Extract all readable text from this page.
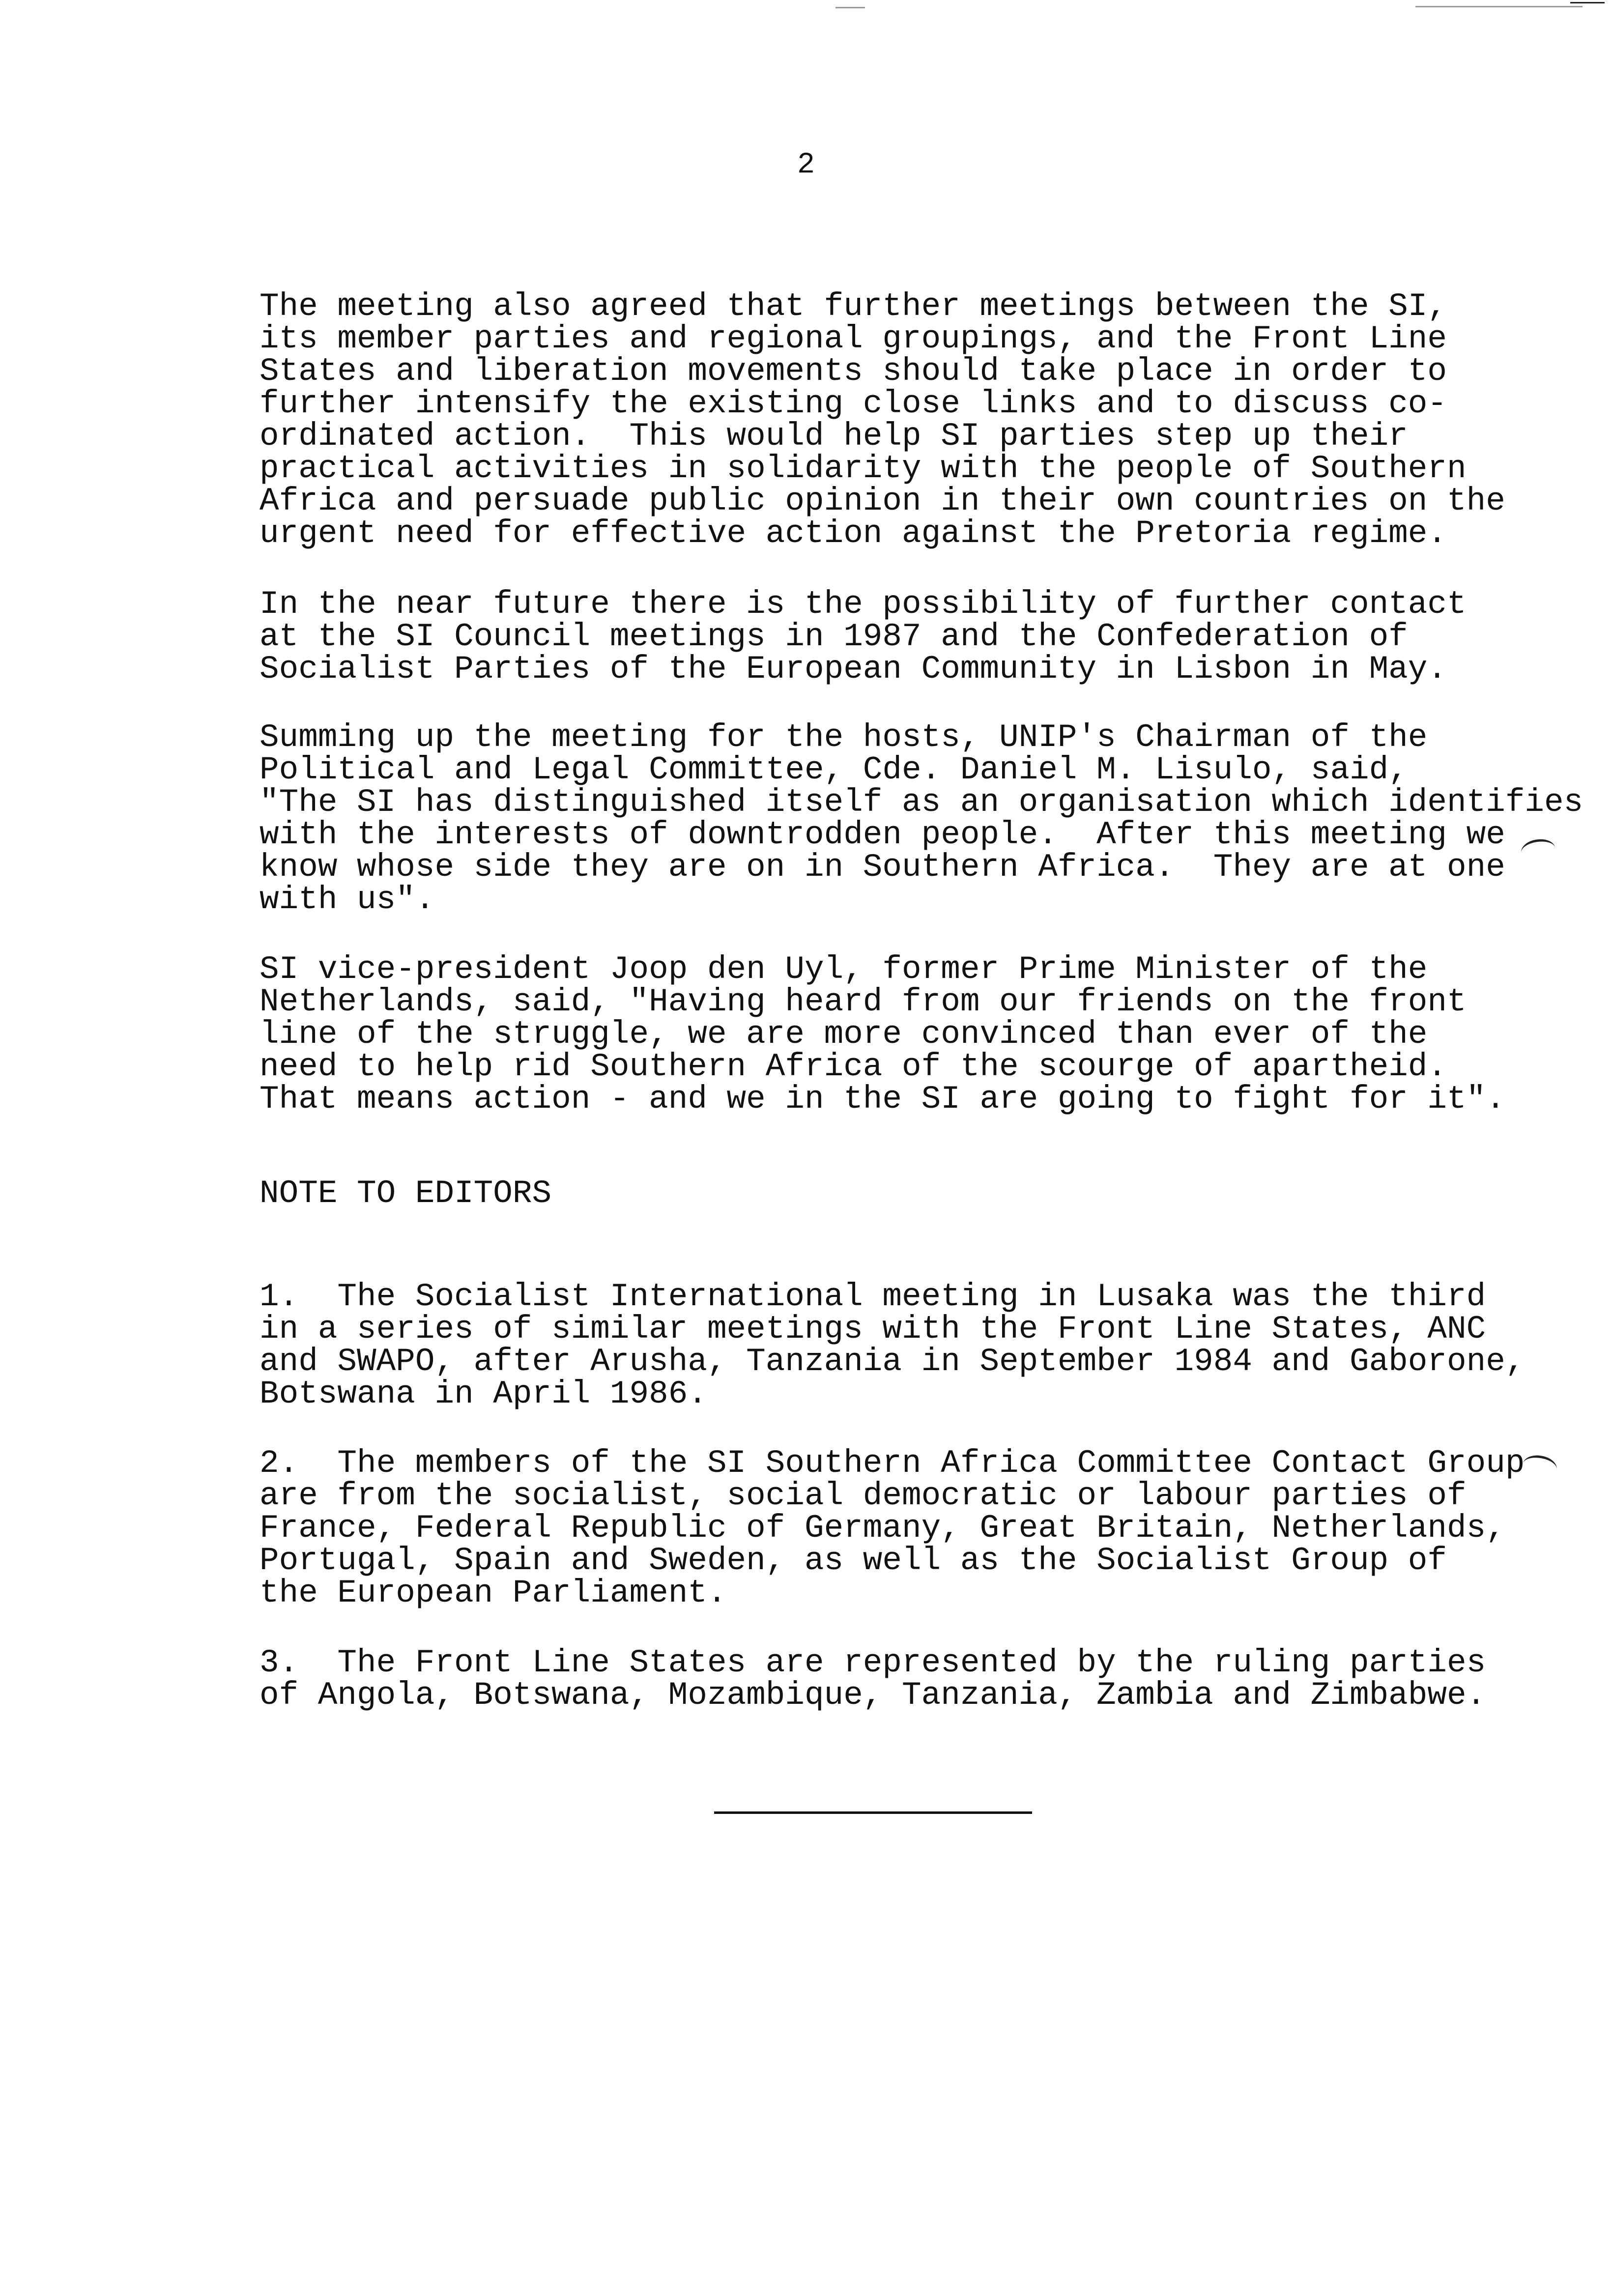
2

The meeting also agreed that further meetings between the SI,
its member parties and regional groupings, and the Front Line
States and liberation movements should take place in order to
further intensify the existing close links and to discuss co-
ordinated action.  This would help SI parties step up their
practical activities in solidarity with the people of Southern
Africa and persuade public opinion in their own countries on the
urgent need for effective action against the Pretoria regime.

In the near future there is the possibility of further contact
at the SI Council meetings in 1987 and the Confederation of
Socialist Parties of the European Community in Lisbon in May.

Summing up the meeting for the hosts, UNIP's Chairman of the
Political and Legal Committee, Cde. Daniel M. Lisulo, said,
"The SI has distinguished itself as an organisation which identifies
with the interests of downtrodden people.  After this meeting we
know whose side they are on in Southern Africa.  They are at one
with us".

SI vice-president Joop den Uyl, former Prime Minister of the
Netherlands, said, "Having heard from our friends on the front
line of the struggle, we are more convinced than ever of the
need to help rid Southern Africa of the scourge of apartheid.
That means action - and we in the SI are going to fight for it".

NOTE TO EDITORS

1.  The Socialist International meeting in Lusaka was the third
in a series of similar meetings with the Front Line States, ANC
and SWAPO, after Arusha, Tanzania in September 1984 and Gaborone,
Botswana in April 1986.

2.  The members of the SI Southern Africa Committee Contact Group
are from the socialist, social democratic or labour parties of
France, Federal Republic of Germany, Great Britain, Netherlands,
Portugal, Spain and Sweden, as well as the Socialist Group of
the European Parliament.

3.  The Front Line States are represented by the ruling parties
of Angola, Botswana, Mozambique, Tanzania, Zambia and Zimbabwe.
